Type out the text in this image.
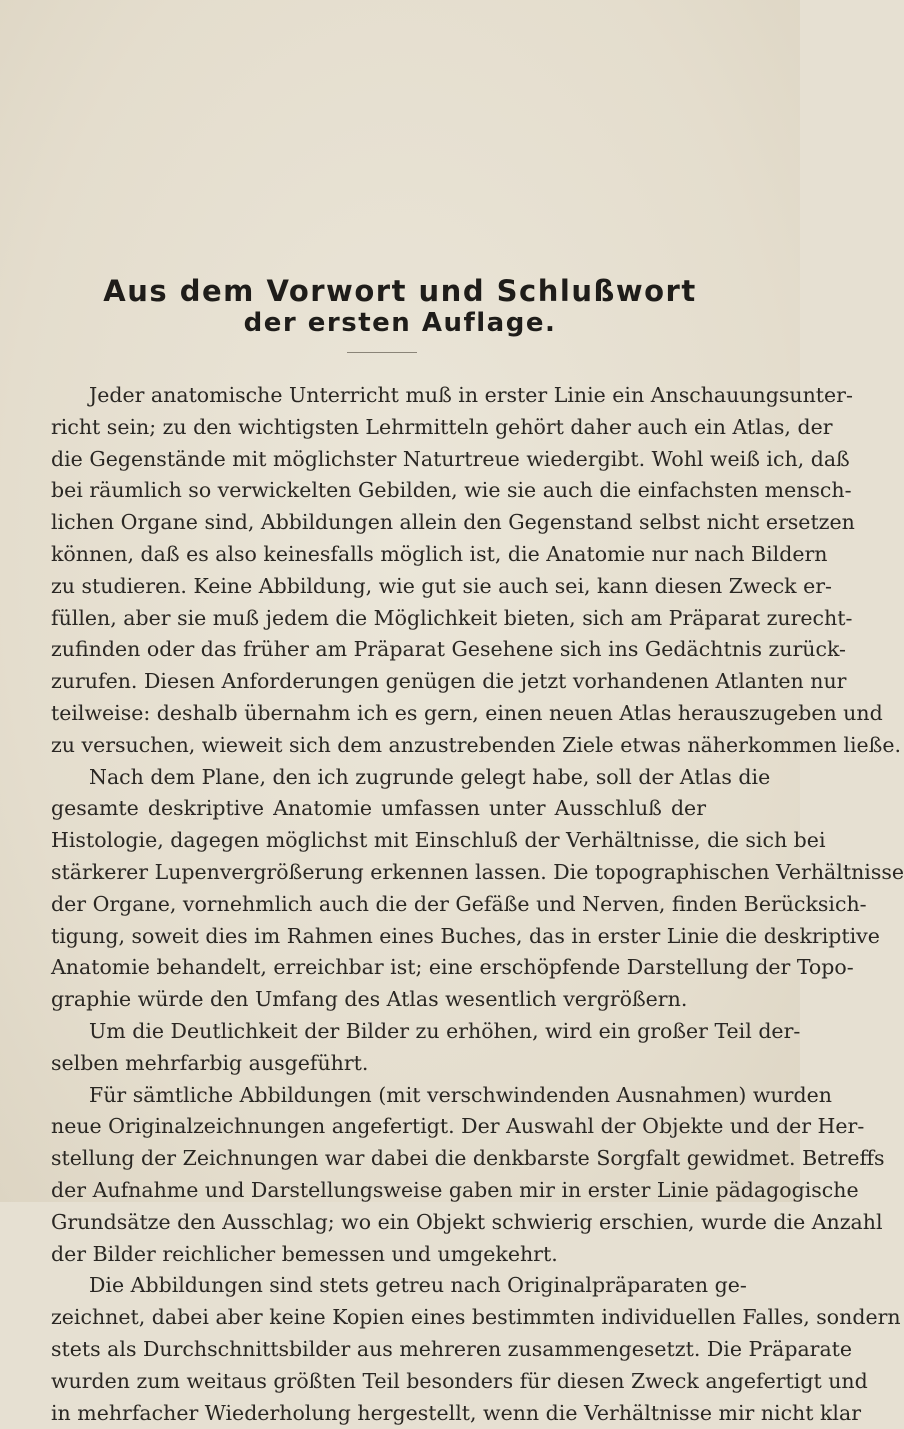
Aus dem Vorwort und Schlußwort
der ersten Auflage.
Jeder anatomische Unterricht muß in erster Linie ein Anschauungsunter-
richt sein; zu den wichtigsten Lehrmitteln gehört daher auch ein Atlas, der
die Gegenstände mit möglichster Naturtreue wiedergibt. Wohl weiß ich, daß
bei räumlich so verwickelten Gebilden, wie sie auch die einfachsten mensch-
lichen Organe sind, Abbildungen allein den Gegenstand selbst nicht ersetzen
können, daß es also keinesfalls möglich ist, die Anatomie nur nach Bildern
zu studieren. Keine Abbildung, wie gut sie auch sei, kann diesen Zweck er-
füllen, aber sie muß jedem die Möglichkeit bieten, sich am Präparat zurecht-
zufinden oder das früher am Präparat Gesehene sich ins Gedächtnis zurück-
zurufen. Diesen Anforderungen genügen die jetzt vorhandenen Atlanten nur
teilweise: deshalb übernahm ich es gern, einen neuen Atlas herauszugeben und
zu versuchen, wieweit sich dem anzustrebenden Ziele etwas näherkommen ließe.
Nach dem Plane, den ich zugrunde gelegt habe, soll der Atlas die
gesamte deskriptive Anatomie umfassen unter Ausschluß der
Histologie, dagegen möglichst mit Einschluß der Verhältnisse, die sich bei
stärkerer Lupenvergrößerung erkennen lassen. Die topographischen Verhältnisse
der Organe, vornehmlich auch die der Gefäße und Nerven, finden Berücksich-
tigung, soweit dies im Rahmen eines Buches, das in erster Linie die deskriptive
Anatomie behandelt, erreichbar ist; eine erschöpfende Darstellung der Topo-
graphie würde den Umfang des Atlas wesentlich vergrößern.
Um die Deutlichkeit der Bilder zu erhöhen, wird ein großer Teil der-
selben mehrfarbig ausgeführt.
Für sämtliche Abbildungen (mit verschwindenden Ausnahmen) wurden
neue Originalzeichnungen angefertigt. Der Auswahl der Objekte und der Her-
stellung der Zeichnungen war dabei die denkbarste Sorgfalt gewidmet. Betreffs
der Aufnahme und Darstellungsweise gaben mir in erster Linie pädagogische
Grundsätze den Ausschlag; wo ein Objekt schwierig erschien, wurde die Anzahl
der Bilder reichlicher bemessen und umgekehrt.
Die Abbildungen sind stets getreu nach Originalpräparaten ge-
zeichnet, dabei aber keine Kopien eines bestimmten individuellen Falles, sondern
stets als Durchschnittsbilder aus mehreren zusammengesetzt. Die Präparate
wurden zum weitaus größten Teil besonders für diesen Zweck angefertigt und
in mehrfacher Wiederholung hergestellt, wenn die Verhältnisse mir nicht klar
